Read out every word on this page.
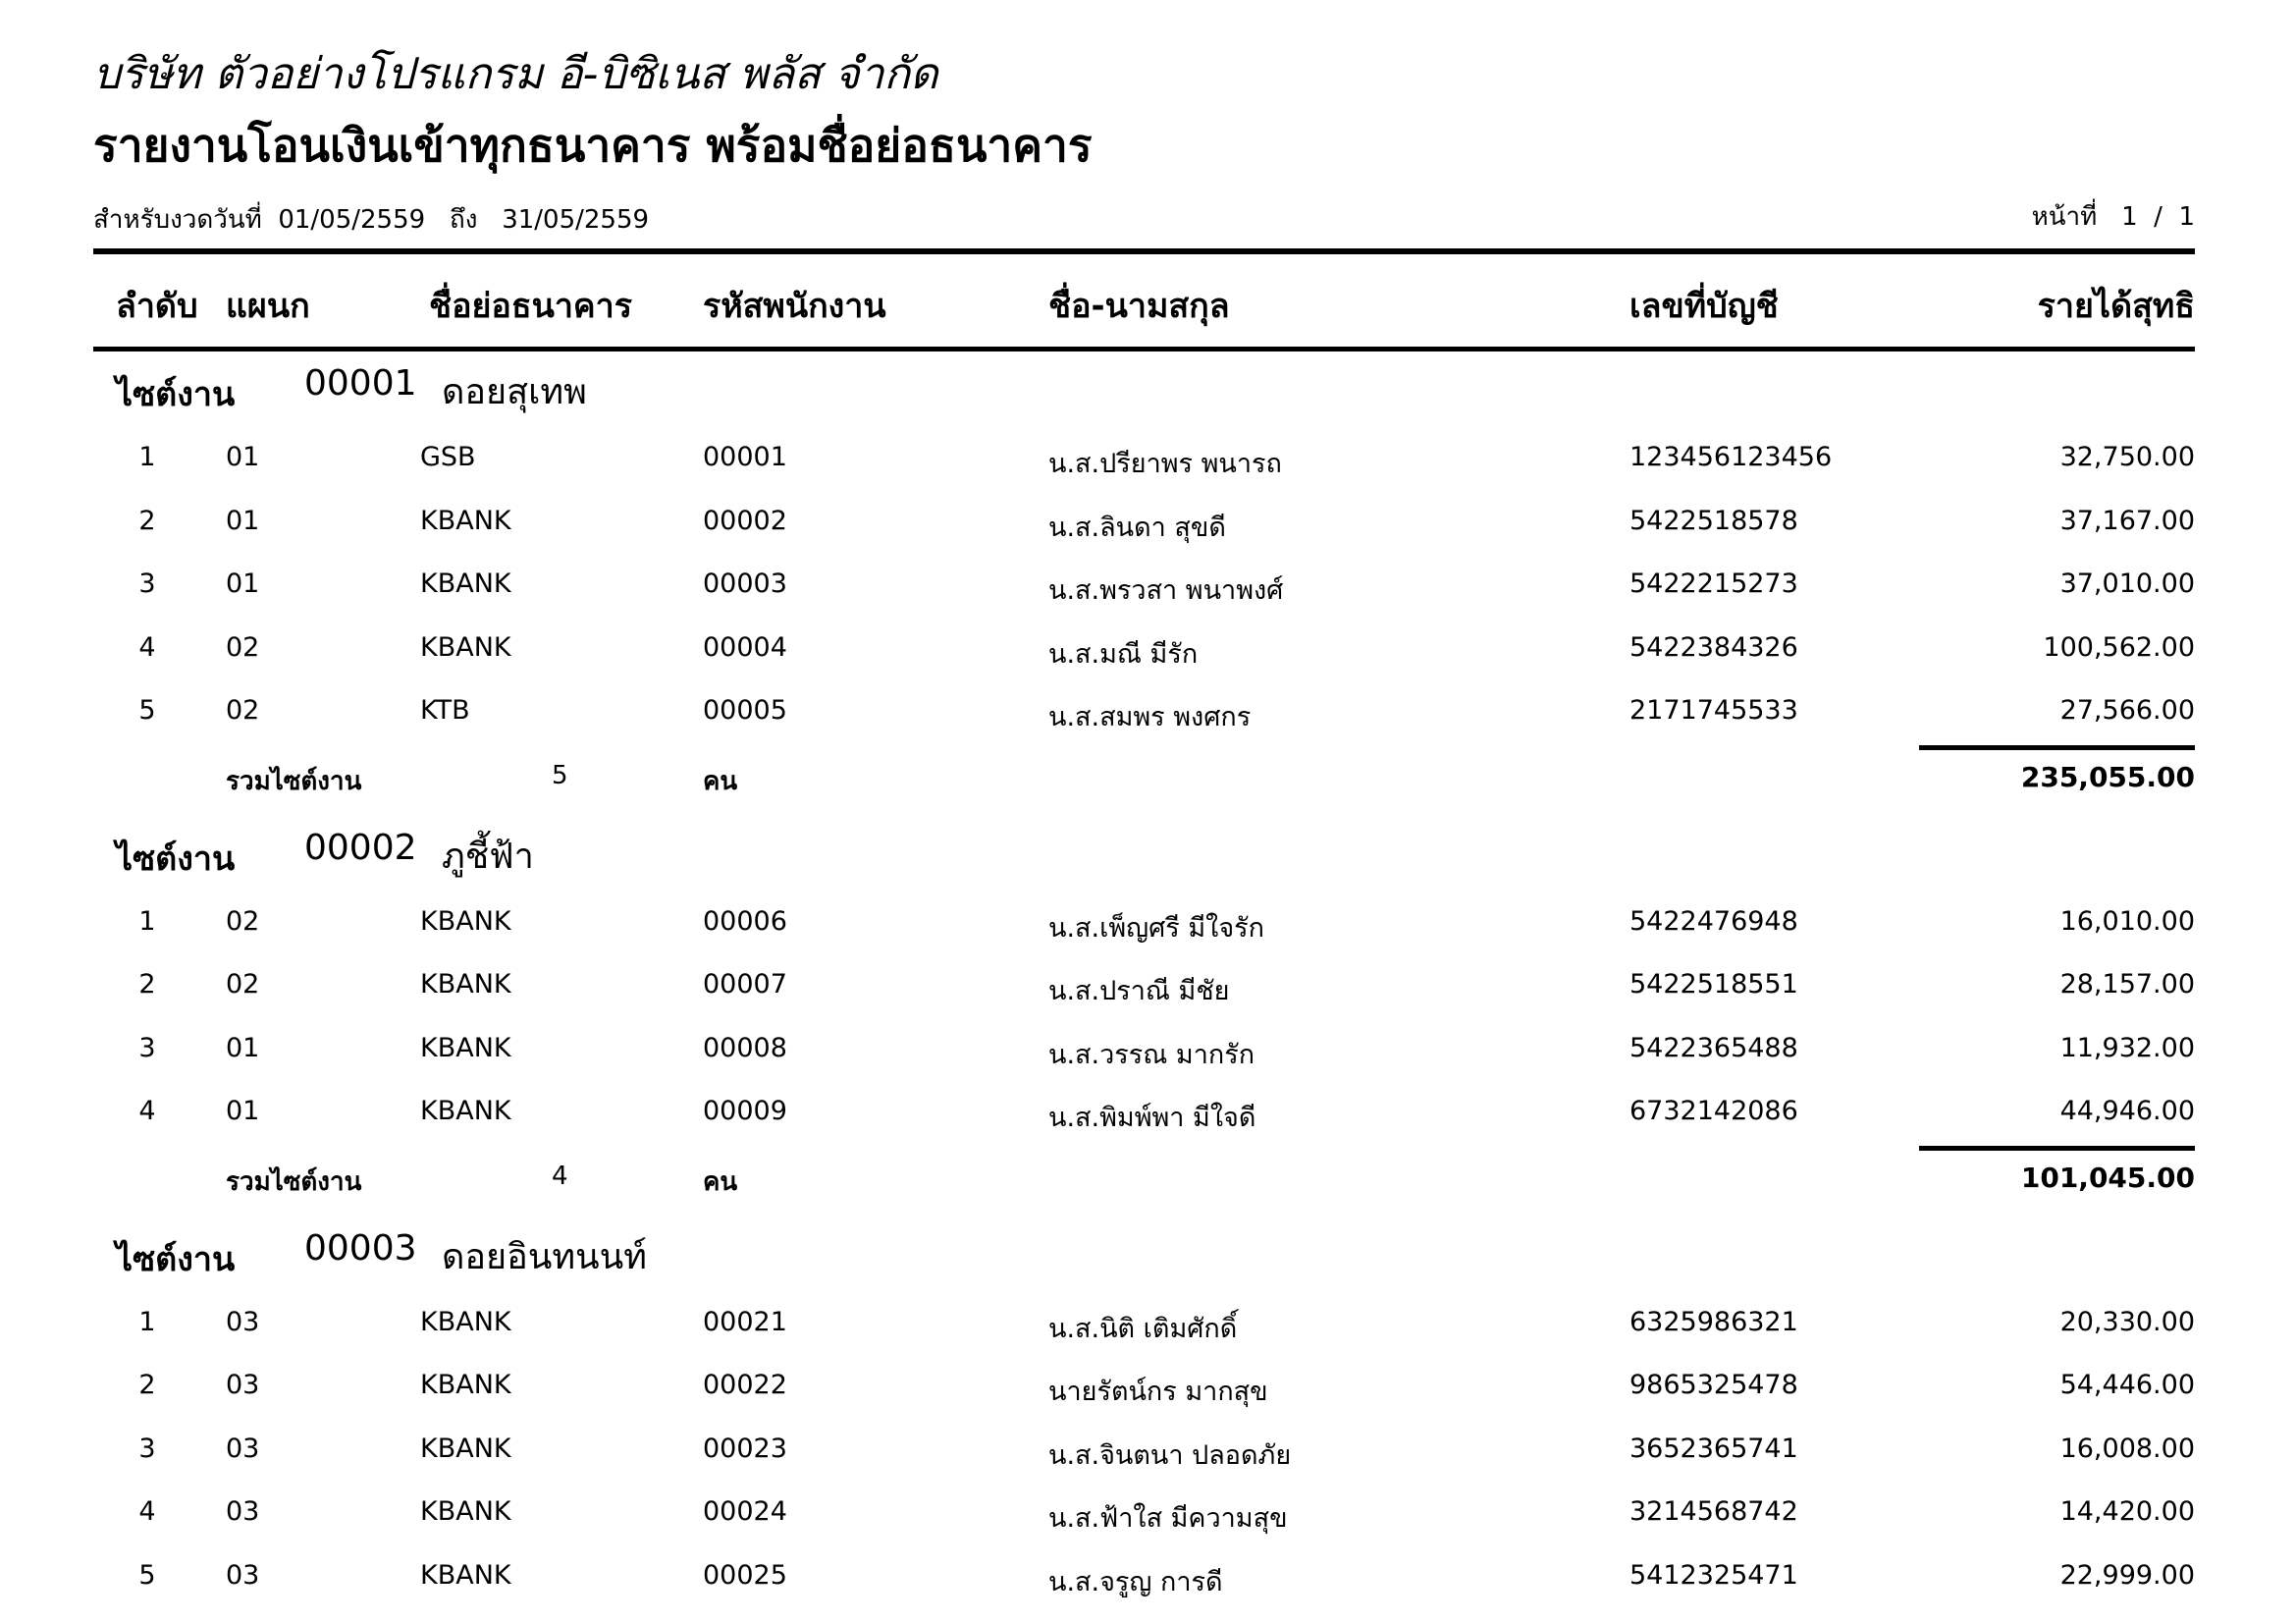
บริษัท ตัวอย่างโปรแกรม อี-บิซิเนส พลัส จำกัด
รายงานโอนเงินเข้าทุกธนาคาร พร้อมชื่อย่อธนาคาร
สำหรับงวดวันที่ 01/05/2559 ถึง 31/05/2559	หน้าที่ 1 / 1
ลำดับ แผนก	ชื่อย่อธนาคาร รหัสพนักงาน	ชื่อ-นามสกุล	เลขที่บัญชี	รายได้สุทธิ
ไซต์งาน 00001 ดอยสุเทพ
1	01	GSB	00001	น.ส.ปรียาพร พนารถ	123456123456	32,750.00
2	01	KBANK	00002	น.ส.ลินดา สุขดี	5422518578	37,167.00
3	01	KBANK	00003	น.ส.พรวสา พนาพงศ์	5422215273	37,010.00
4	02	KBANK	00004	น.ส.มณี มีรัก	5422384326	100,562.00
5	02	KTB	00005	น.ส.สมพร พงศกร	2171745533	27,566.00
รวมไซต์งาน	5	คน	235,055.00
ไซต์งาน 00002 ภูชี้ฟ้า
1	02	KBANK	00006	น.ส.เพ็ญศรี มีใจรัก	5422476948	16,010.00
2	02	KBANK	00007	น.ส.ปราณี มีชัย	5422518551	28,157.00
3	01	KBANK	00008	น.ส.วรรณ มากรัก	5422365488	11,932.00
4	01	KBANK	00009	น.ส.พิมพ์พา มีใจดี	6732142086	44,946.00
รวมไซต์งาน	4	คน	101,045.00
ไซต์งาน 00003 ดอยอินทนนท์
1	03	KBANK	00021	น.ส.นิติ เติมศักดิ์	6325986321	20,330.00
2	03	KBANK	00022	นายรัตน์กร มากสุข	9865325478	54,446.00
3	03	KBANK	00023	น.ส.จินตนา ปลอดภัย	3652365741	16,008.00
4	03	KBANK	00024	น.ส.ฟ้าใส มีความสุข	3214568742	14,420.00
5	03	KBANK	00025	น.ส.จรูญ การดี	5412325471	22,999.00
